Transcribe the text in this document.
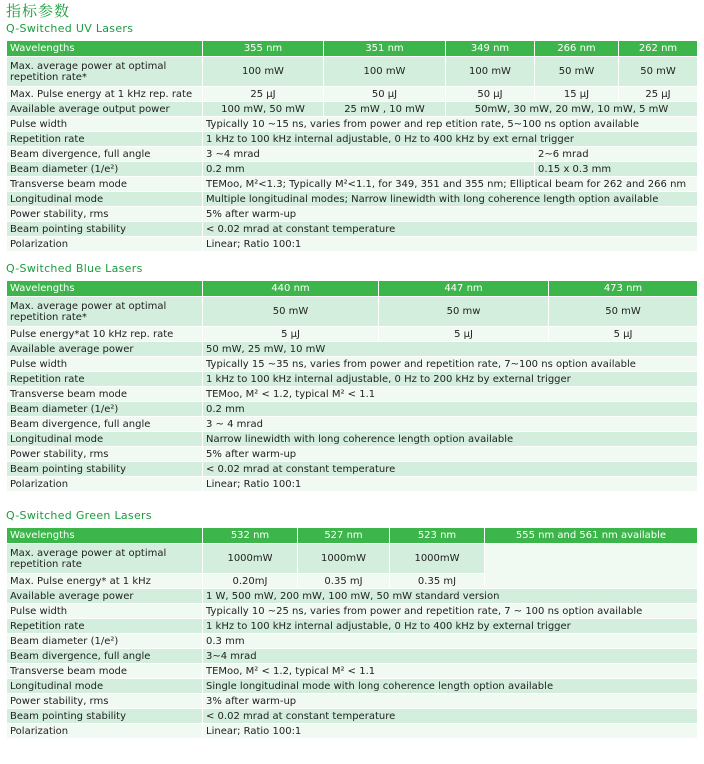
指标参数
Q-Switched UV Lasers
Wavelengths	355 nm	351 nm	349 nm	266 nm	262 nm
Max. average power at optimal repetition rate*	100 mW	100 mW	100 mW	50 mW	50 mW
Max. Pulse energy at 1 kHz rep. rate	25 μJ	50 μJ	50 μJ	15 μJ	25 μJ
Available average output power	100 mW, 50 mW	25 mW , 10 mW	50mW, 30 mW, 20 mW, 10 mW, 5 mW		
Pulse width	Typically 10 ~15 ns, varies from power and rep etition rate, 5~100 ns option available				
Repetition rate	1 kHz to 100 kHz internal adjustable, 0 Hz to 400 kHz by ext ernal trigger				
Beam divergence, full angle	3 ~4 mrad			2~6 mrad	
Beam diameter (1/e²)	0.2 mm			0.15 x 0.3 mm	
Transverse beam mode	TEMoo, M²<1.3; Typically M²<1.1, for 349, 351 and 355 nm; Elliptical beam for 262 and 266 nm				
Longitudinal mode	Multiple longitudinal modes; Narrow linewidth with long coherence length option available				
Power stability, rms	5% after warm-up				
Beam pointing stability	< 0.02 mrad at constant temperature				
Polarization	Linear; Ratio 100:1				
Q-Switched Blue Lasers
Wavelengths	440 nm	447 nm	473 nm
Max. average power at optimal repetition rate*	50 mW	50 mw	50 mW
Pulse energy*at 10 kHz rep. rate	5 μJ	5 μJ	5 μJ
Available average power	50 mW, 25 mW, 10 mW		
Pulse width	Typically 15 ~35 ns, varies from power and repetition rate, 7~100 ns option available		
Repetition rate	1 kHz to 100 kHz internal adjustable, 0 Hz to 200 kHz by external trigger		
Transverse beam mode	TEMoo, M² < 1.2, typical M² < 1.1		
Beam diameter (1/e²)	0.2 mm		
Beam divergence, full angle	3 ~ 4 mrad		
Longitudinal mode	Narrow linewidth with long coherence length option available		
Power stability, rms	5% after warm-up		
Beam pointing stability	< 0.02 mrad at constant temperature		
Polarization	Linear; Ratio 100:1		
Q-Switched Green Lasers
Wavelengths	532 nm	527 nm	523 nm	555 nm and 561 nm available
Max. average power at optimal repetition rate	1000mW	1000mW	1000mW	
Max. Pulse energy* at 1 kHz	0.20mJ	0.35 mJ	0.35 mJ	
Available average power	1 W, 500 mW, 200 mW, 100 mW, 50 mW standard version			
Pulse width	Typically 10 ~25 ns, varies from power and repetition rate, 7 ~ 100 ns option available			
Repetition rate	1 kHz to 100 kHz internal adjustable, 0 Hz to 400 kHz by external trigger			
Beam diameter (1/e²)	0.3 mm			
Beam divergence, full angle	3~4 mrad			
Transverse beam mode	TEMoo, M² < 1.2, typical M² < 1.1			
Longitudinal mode	Single longitudinal mode with long coherence length option available			
Power stability, rms	3% after warm-up			
Beam pointing stability	< 0.02 mrad at constant temperature			
Polarization	Linear; Ratio 100:1			
